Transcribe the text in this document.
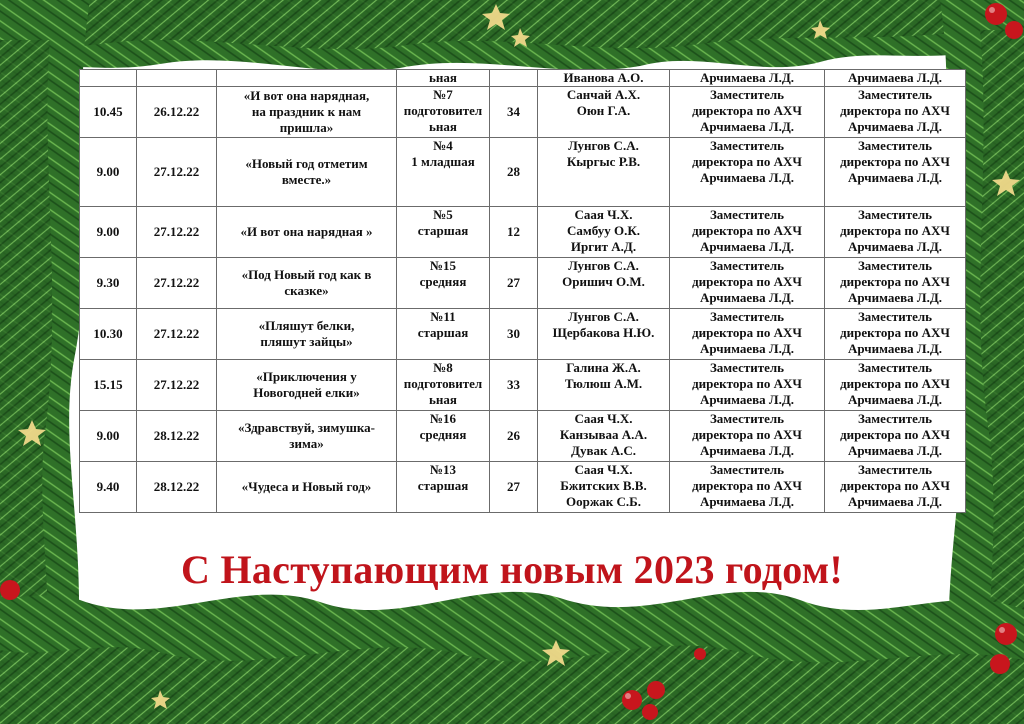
			ьная		Иванова А.О.	Арчимаева Л.Д.	Арчимаева Л.Д.

10.45	26.12.22	«И вот она нарядная,
на праздник к нам
пришла»	№7
подготовител
ьная	34	Санчай А.Х.
Оюн Г.А.	Заместитель
директора по АХЧ
Арчимаева Л.Д.	Заместитель
директора по АХЧ
Арчимаева Л.Д.

9.00	27.12.22	«Новый год отметим
вместе.»	№4
1 младшая	28	Лунгов С.А.
Кыргыс Р.В.	Заместитель
директора по АХЧ
Арчимаева Л.Д.	Заместитель
директора по АХЧ
Арчимаева Л.Д.

9.00	27.12.22	«И вот она нарядная »	№5
старшая	12	Саая Ч.Х.
Самбуу О.К.
Иргит А.Д.	Заместитель
директора по АХЧ
Арчимаева Л.Д.	Заместитель
директора по АХЧ
Арчимаева Л.Д.

9.30	27.12.22	«Под Новый год как в
сказке»	№15
средняя	27	Лунгов С.А.
Оришич О.М.	Заместитель
директора по АХЧ
Арчимаева Л.Д.	Заместитель
директора по АХЧ
Арчимаева Л.Д.

10.30	27.12.22	«Пляшут белки,
пляшут зайцы»	№11
старшая	30	Лунгов С.А.
Щербакова Н.Ю.	Заместитель
директора по АХЧ
Арчимаева Л.Д.	Заместитель
директора по АХЧ
Арчимаева Л.Д.

15.15	27.12.22	«Приключения у
Новогодней елки»	№8
подготовител
ьная	33	Галина Ж.А.
Тюлюш А.М.	Заместитель
директора по АХЧ
Арчимаева Л.Д.	Заместитель
директора по АХЧ
Арчимаева Л.Д.

9.00	28.12.22	«Здравствуй, зимушка-
зима»	№16
средняя	26	Саая Ч.Х.
Канзываа А.А.
Дувак А.С.	Заместитель
директора по АХЧ
Арчимаева Л.Д.	Заместитель
директора по АХЧ
Арчимаева Л.Д.

9.40	28.12.22	«Чудеса и Новый год»	№13
старшая	27	Саая Ч.Х.
Бжитских В.В.
Ооржак С.Б.	Заместитель
директора по АХЧ
Арчимаева Л.Д.	Заместитель
директора по АХЧ
Арчимаева Л.Д.
С Наступающим новым 2023 годом!
